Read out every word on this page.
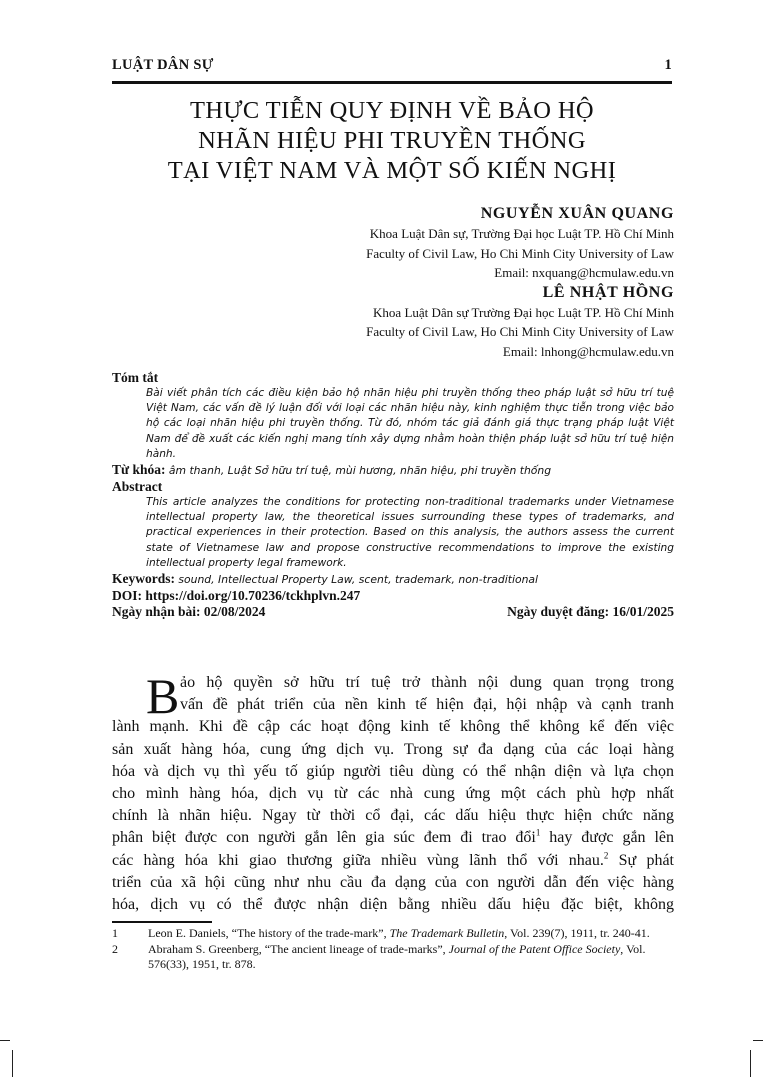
LUẬT DÂN SỰ	1
THỰC TIỄN QUY ĐỊNH VỀ BẢO HỘ
NHÃN HIỆU PHI TRUYỀN THỐNG
TẠI VIỆT NAM VÀ MỘT SỐ KIẾN NGHỊ
NGUYỄN XUÂN QUANG
Khoa Luật Dân sự, Trường Đại học Luật TP. Hồ Chí Minh
Faculty of Civil Law, Ho Chi Minh City University of Law
Email: nxquang@hcmulaw.edu.vn
LÊ NHẬT HỒNG
Khoa Luật Dân sự Trường Đại học Luật TP. Hồ Chí Minh
Faculty of Civil Law, Ho Chi Minh City University of Law
Email: lnhong@hcmulaw.edu.vn
Tóm tắt
Bài viết phân tích các điều kiện bảo hộ nhãn hiệu phi truyền thống theo pháp luật sở hữu trí tuệ Việt Nam, các vấn đề lý luận đối với loại các nhãn hiệu này, kinh nghiệm thực tiễn trong việc bảo hộ các loại nhãn hiệu phi truyền thống. Từ đó, nhóm tác giả đánh giá thực trạng pháp luật Việt Nam để đề xuất các kiến nghị mang tính xây dựng nhằm hoàn thiện pháp luật sở hữu trí tuệ hiện hành.
Từ khóa: âm thanh, Luật Sở hữu trí tuệ, mùi hương, nhãn hiệu, phi truyền thống
Abstract
This article analyzes the conditions for protecting non-traditional trademarks under Vietnamese intellectual property law, the theoretical issues surrounding these types of trademarks, and practical experiences in their protection. Based on this analysis, the authors assess the current state of Vietnamese law and propose constructive recommendations to improve the existing intellectual property legal framework.
Keywords: sound, Intellectual Property Law, scent, trademark, non-traditional
DOI: https://doi.org/10.70236/tckhplvn.247
Ngày nhận bài: 02/08/2024	Ngày duyệt đăng: 16/01/2025
B ảo hộ quyền sở hữu trí tuệ trở thành nội dung quan trọng trong
vấn đề phát triển của nền kinh tế hiện đại, hội nhập và cạnh tranh
lành mạnh. Khi đề cập các hoạt động kinh tế không thể không kể đến việc
sản xuất hàng hóa, cung ứng dịch vụ. Trong sự đa dạng của các loại hàng
hóa và dịch vụ thì yếu tố giúp người tiêu dùng có thể nhận diện và lựa chọn
cho mình hàng hóa, dịch vụ từ các nhà cung ứng một cách phù hợp nhất
chính là nhãn hiệu. Ngay từ thời cổ đại, các dấu hiệu thực hiện chức năng
phân biệt được con người gắn lên gia súc đem đi trao đổi$^1$ hay được gắn lên
các hàng hóa khi giao thương giữa nhiều vùng lãnh thổ với nhau.$^2$ Sự phát
triển của xã hội cũng như nhu cầu đa dạng của con người dẫn đến việc hàng
hóa, dịch vụ có thể được nhận diện bằng nhiều dấu hiệu đặc biệt, không
1	Leon E. Daniels, “The history of the trade-mark”, The Trademark Bulletin, Vol. 239(7), 1911, tr. 240-41.
2	Abraham S. Greenberg, “The ancient lineage of trade-marks”, Journal of the Patent Office Society, Vol. 576(33), 1951, tr. 878.
